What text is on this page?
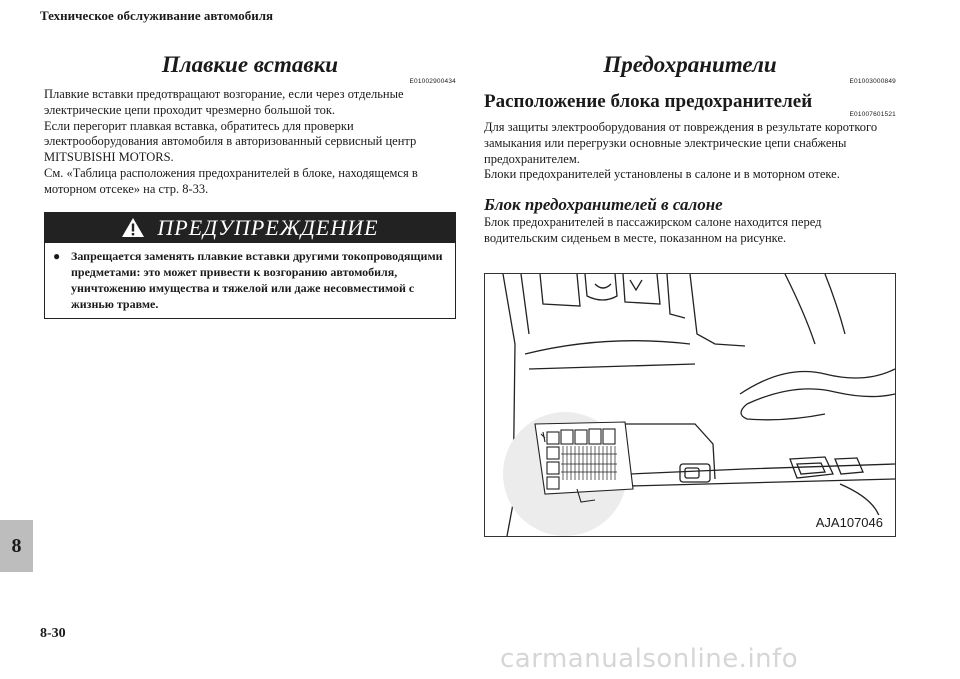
Техническое обслуживание автомобиля
Плавкие вставки
E01002900434

Плавкие вставки предотвращают возгорание, если через отдельные электрические цепи проходит чрезмерно большой ток.

Если перегорит плавкая вставка, обратитесь для проверки электрооборудования автомобиля в авторизованный сервисный центр MITSUBISHI MOTORS.

См. «Таблица расположения предохранителей в блоке, находящемся в моторном отсеке» на стр. 8-33.

ПРЕДУПРЕЖДЕНИЕ
● Запрещается заменять плавкие вставки другими токопроводящими предметами: это может привести к возгоранию автомобиля, уничтожению имущества и тяжелой или даже несовместимой с жизнью травме.
Предохранители
E01003000849
Расположение блока предохранителей
E01007601521

Для защиты электрооборудования от повреждения в результате короткого замыкания или перегрузки основные электрические цепи снабжены предохранителем.

Блоки предохранителей установлены в салоне и в моторном отеке.

Блок предохранителей в салоне

Блок предохранителей в пассажирском салоне находится перед водительским сиденьем в месте, показанном на рисунке.

AJA107046
8
8-30
carmanualsonline.info
